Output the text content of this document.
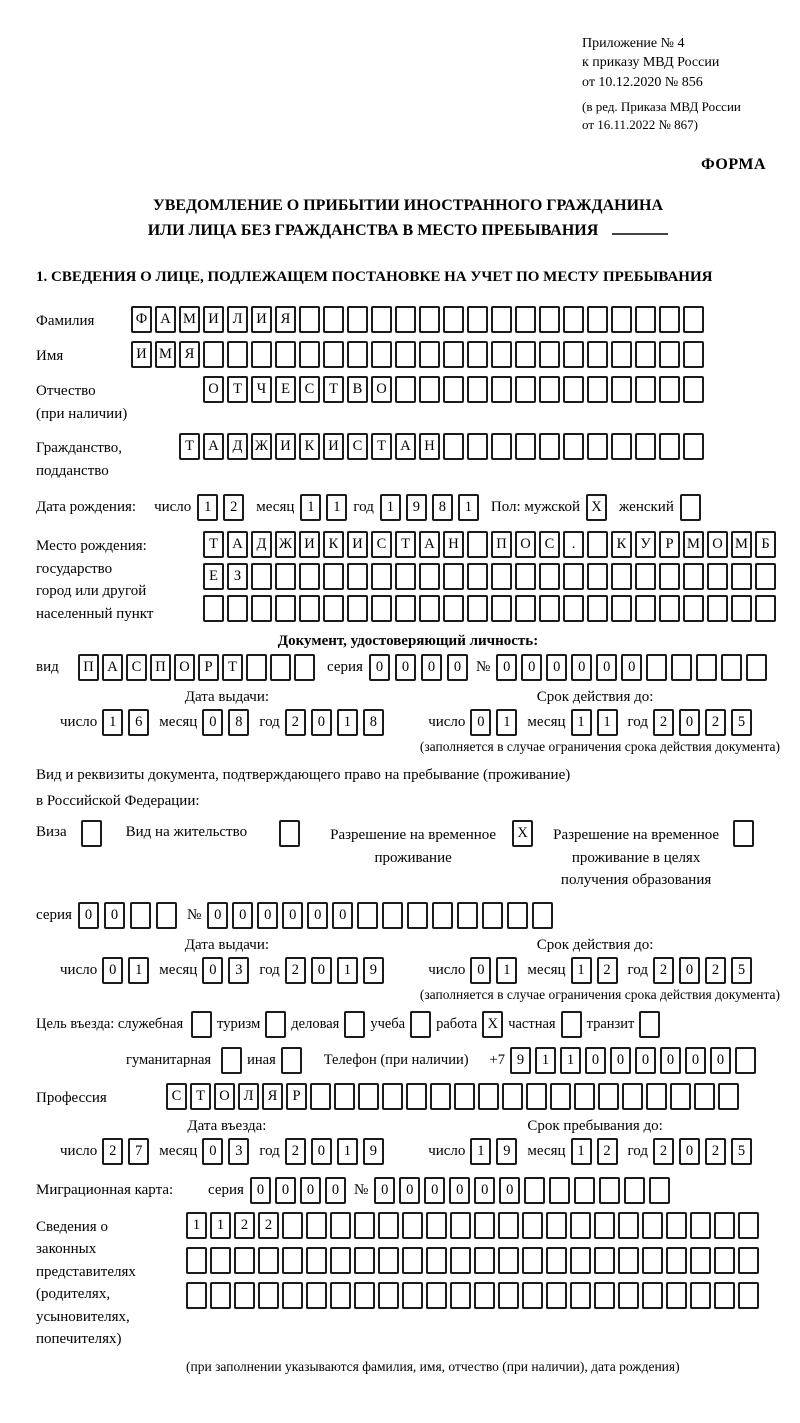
Приложение № 4
к приказу МВД России
от 10.12.2020 № 856
(в ред. Приказа МВД России
от 16.11.2022 № 867)
ФОРМА
УВЕДОМЛЕНИЕ О ПРИБЫТИИ ИНОСТРАННОГО ГРАЖДАНИНА
ИЛИ ЛИЦА БЕЗ ГРАЖДАНСТВА В МЕСТО ПРЕБЫВАНИЯ
1. СВЕДЕНИЯ О ЛИЦЕ, ПОДЛЕЖАЩЕМ ПОСТАНОВКЕ НА УЧЕТ ПО МЕСТУ ПРЕБЫВАНИЯ
Фамилия	Ф А М И Л И Я
Имя	И М Я
Отчество
(при наличии)
О Т	Ч	Е	С	Т	В О
Гражданство,
подданство
Т А Д Ж И К И С	Т А Н
Дата рождения:	число 1	2	месяц 1	1 год 1	9	8	1	Пол: мужской X	женский
Место рождения:
государство
город или другой
населенный пункт
Т А Д Ж И К И С	Т А Н	П О С	.	К У	Р М О М Б
Е	З
Документ, удостоверяющий личность:
вид	П А С П О	Р	Т	серия 0	0	0	0 № 0	0	0	0	0	0
Дата выдачи:
число 1	6	месяц 0	8	год 2	0	1	8
Срок действия до:
число 0	1	месяц 1	1	год 2	0	2	5
(заполняется в случае ограничения срока действия документа)
Вид и реквизиты документа, подтверждающего право на пребывание (проживание)
в Российской Федерации:
Виза	Вид на жительство	Разрешение на временное проживание
X	Разрешение на временное проживание в целях получения образования
серия 0	0	№ 0	0	0	0	0	0
Дата выдачи:
число 0	1	месяц 0	3	год 2	0	1	9
Срок действия до:
число 0	1	месяц 1	2	год 2	0	2	5
(заполняется в случае ограничения срока действия документа)
Цель въезда: служебная туризм деловая учеба работа X частная транзит
гуманитарная иная	Телефон (при наличии) +7 9	1	1	0	0	0	0	0	0
Профессия	С	Т О Л Я	Р
Дата въезда:
число 2	7	месяц 0	3	год 2	0	1	9
Срок пребывания до:
число 1	9	месяц 1	2	год 2	0	2	5
Миграционная карта:	серия 0	0	0	0 № 0	0	0	0	0	0
Сведения о
законных
представителях
(родителях,
усыновителях,
попечителях)
1	1	2	2
(при заполнении указываются фамилия, имя, отчество (при наличии), дата рождения)
